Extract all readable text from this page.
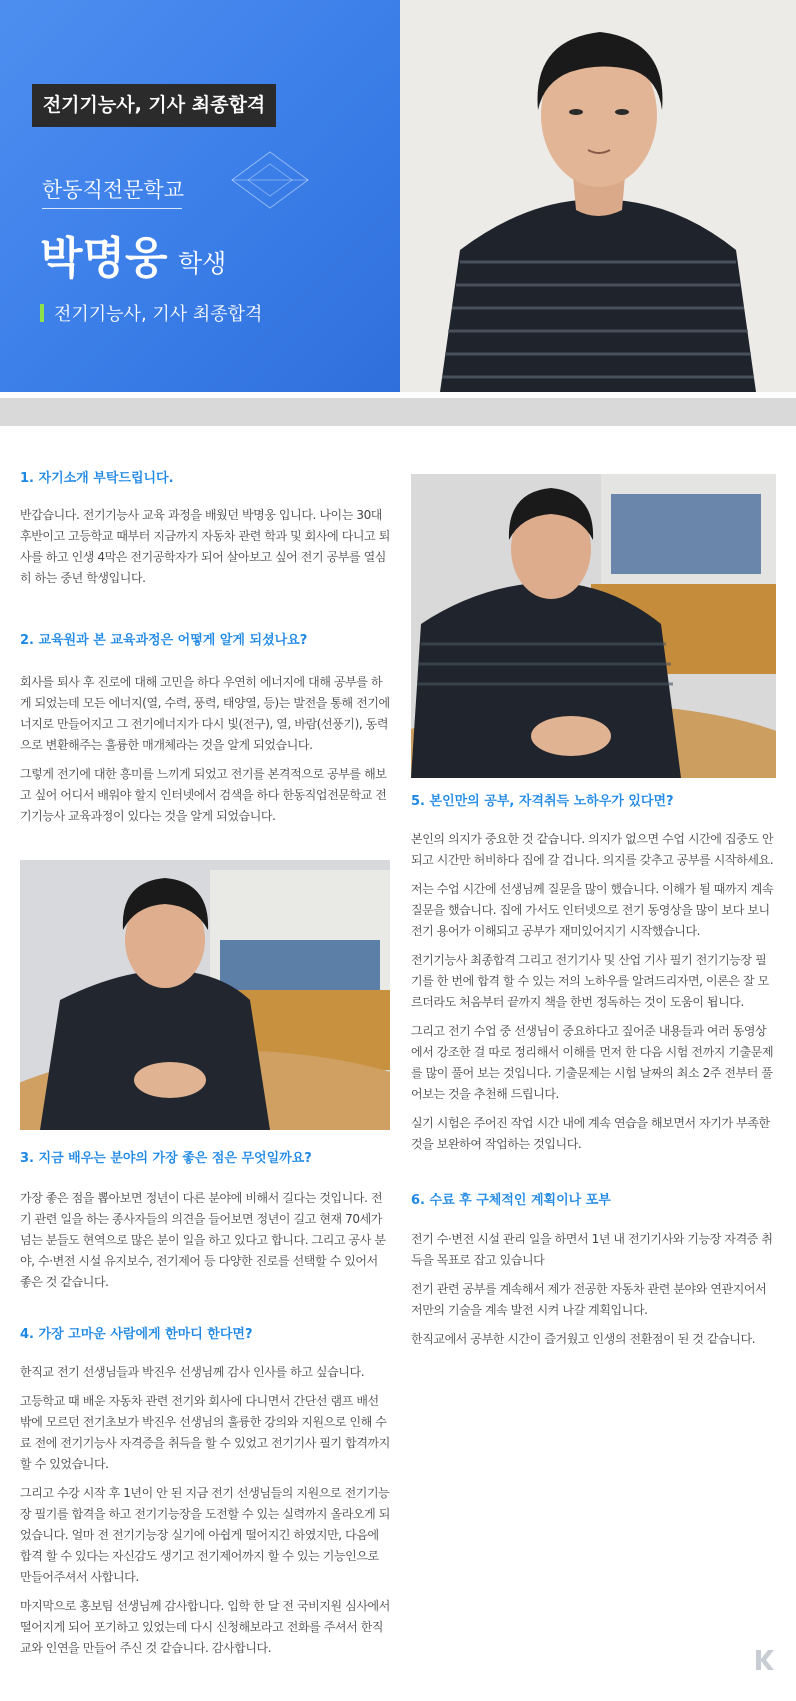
전기기능사, 기사 최종합격
한동직전문학교
박명웅 학생
전기기능사, 기사 최종합격
1. 자기소개 부탁드립니다.

반갑습니다. 전기기능사 교육 과정을 배웠던 박명웅 입니다. 나이는 30대 후반이고 고등학교 때부터 지금까지 자동차 관련 학과 및 회사에 다니고 퇴사를 하고 인생 4막은 전기공학자가 되어 살아보고 싶어 전기 공부를 열심히 하는 중년 학생입니다.

2. 교육원과 본 교육과정은 어떻게 알게 되셨나요?

회사를 퇴사 후 진로에 대해 고민을 하다 우연히 에너지에 대해 공부를 하게 되었는데 모든 에너지(열, 수력, 풍력, 태양열, 등)는 발전을 통해 전기에너지로 만들어지고 그 전기에너지가 다시 빛(전구), 열, 바람(선풍기), 동력으로 변환해주는 훌륭한 매개체라는 것을 알게 되었습니다.

그렇게 전기에 대한 흥미를 느끼게 되었고 전기를 본격적으로 공부를 해보고 싶어 어디서 배워야 할지 인터넷에서 검색을 하다 한동직업전문학교 전기기능사 교육과정이 있다는 것을 알게 되었습니다.

3. 지금 배우는 분야의 가장 좋은 점은 무엇일까요?

가장 좋은 점을 뽑아보면 정년이 다른 분야에 비해서 길다는 것입니다. 전기 관련 일을 하는 종사자들의 의견을 들어보면 정년이 길고 현재 70세가 넘는 분들도 현역으로 많은 분이 일을 하고 있다고 합니다. 그리고 공사 분야, 수·변전 시설 유지보수, 전기제어 등 다양한 진로를 선택할 수 있어서 좋은 것 같습니다.

4. 가장 고마운 사람에게 한마디 한다면?

한직교 전기 선생님들과 박진우 선생님께 감사 인사를 하고 싶습니다.

고등학교 때 배운 자동차 관련 전기와 회사에 다니면서 간단선 램프 배선 밖에 모르던 전기초보가 박진우 선생님의 훌륭한 강의와 지원으로 인해 수료 전에 전기기능사 자격증을 취득을 할 수 있었고 전기기사 필기 합격까지 할 수 있었습니다.

그리고 수강 시작 후 1년이 안 된 지금 전기 선생님들의 지원으로 전기기능장 필기를 합격을 하고 전기기능장을 도전할 수 있는 실력까지 올라오게 되었습니다. 얼마 전 전기기능장 실기에 아쉽게 떨어지긴 하였지만, 다음에 합격 할 수 있다는 자신감도 생기고 전기제어까지 할 수 있는 기능인으로 만들어주셔서 사합니다.

마지막으로 홍보팀 선생님께 감사합니다. 입학 한 달 전 국비지원 심사에서 떨어지게 되어 포기하고 있었는데 다시 신청해보라고 전화를 주셔서 한직교와 인연을 만들어 주신 것 같습니다. 감사합니다.

5. 본인만의 공부, 자격취득 노하우가 있다면?

본인의 의지가 중요한 것 같습니다. 의지가 없으면 수업 시간에 집중도 안되고 시간만 허비하다 집에 갈 겁니다. 의지를 갖추고 공부를 시작하세요.

저는 수업 시간에 선생님께 질문을 많이 했습니다. 이해가 될 때까지 계속 질문을 했습니다. 집에 가서도 인터넷으로 전기 동영상을 많이 보다 보니 전기 용어가 이해되고 공부가 재미있어지기 시작했습니다.

전기기능사 최종합격 그리고 전기기사 및 산업 기사 필기 전기기능장 필기를 한 번에 합격 할 수 있는 저의 노하우를 알려드리자면, 이론은 잘 모르더라도 처음부터 끝까지 책을 한번 정독하는 것이 도움이 됩니다.

그리고 전기 수업 중 선생님이 중요하다고 짚어준 내용들과 여러 동영상에서 강조한 걸 따로 정리해서 이해를 먼저 한 다음 시험 전까지 기출문제를 많이 풀어 보는 것입니다. 기출문제는 시험 날짜의 최소 2주 전부터 풀어보는 것을 추천해 드립니다.

실기 시험은 주어진 작업 시간 내에 계속 연습을 해보면서 자기가 부족한 것을 보완하여 작업하는 것입니다.

6. 수료 후 구체적인 계획이나 포부

전기 수·변전 시설 관리 일을 하면서 1년 내 전기기사와 기능장 자격증 취득을 목표로 잡고 있습니다

전기 관련 공부를 계속해서 제가 전공한 자동차 관련 분야와 연관지어서 저만의 기술을 계속 발전 시켜 나갈 계획입니다.

한직교에서 공부한 시간이 즐거웠고 인생의 전환점이 된 것 같습니다.
